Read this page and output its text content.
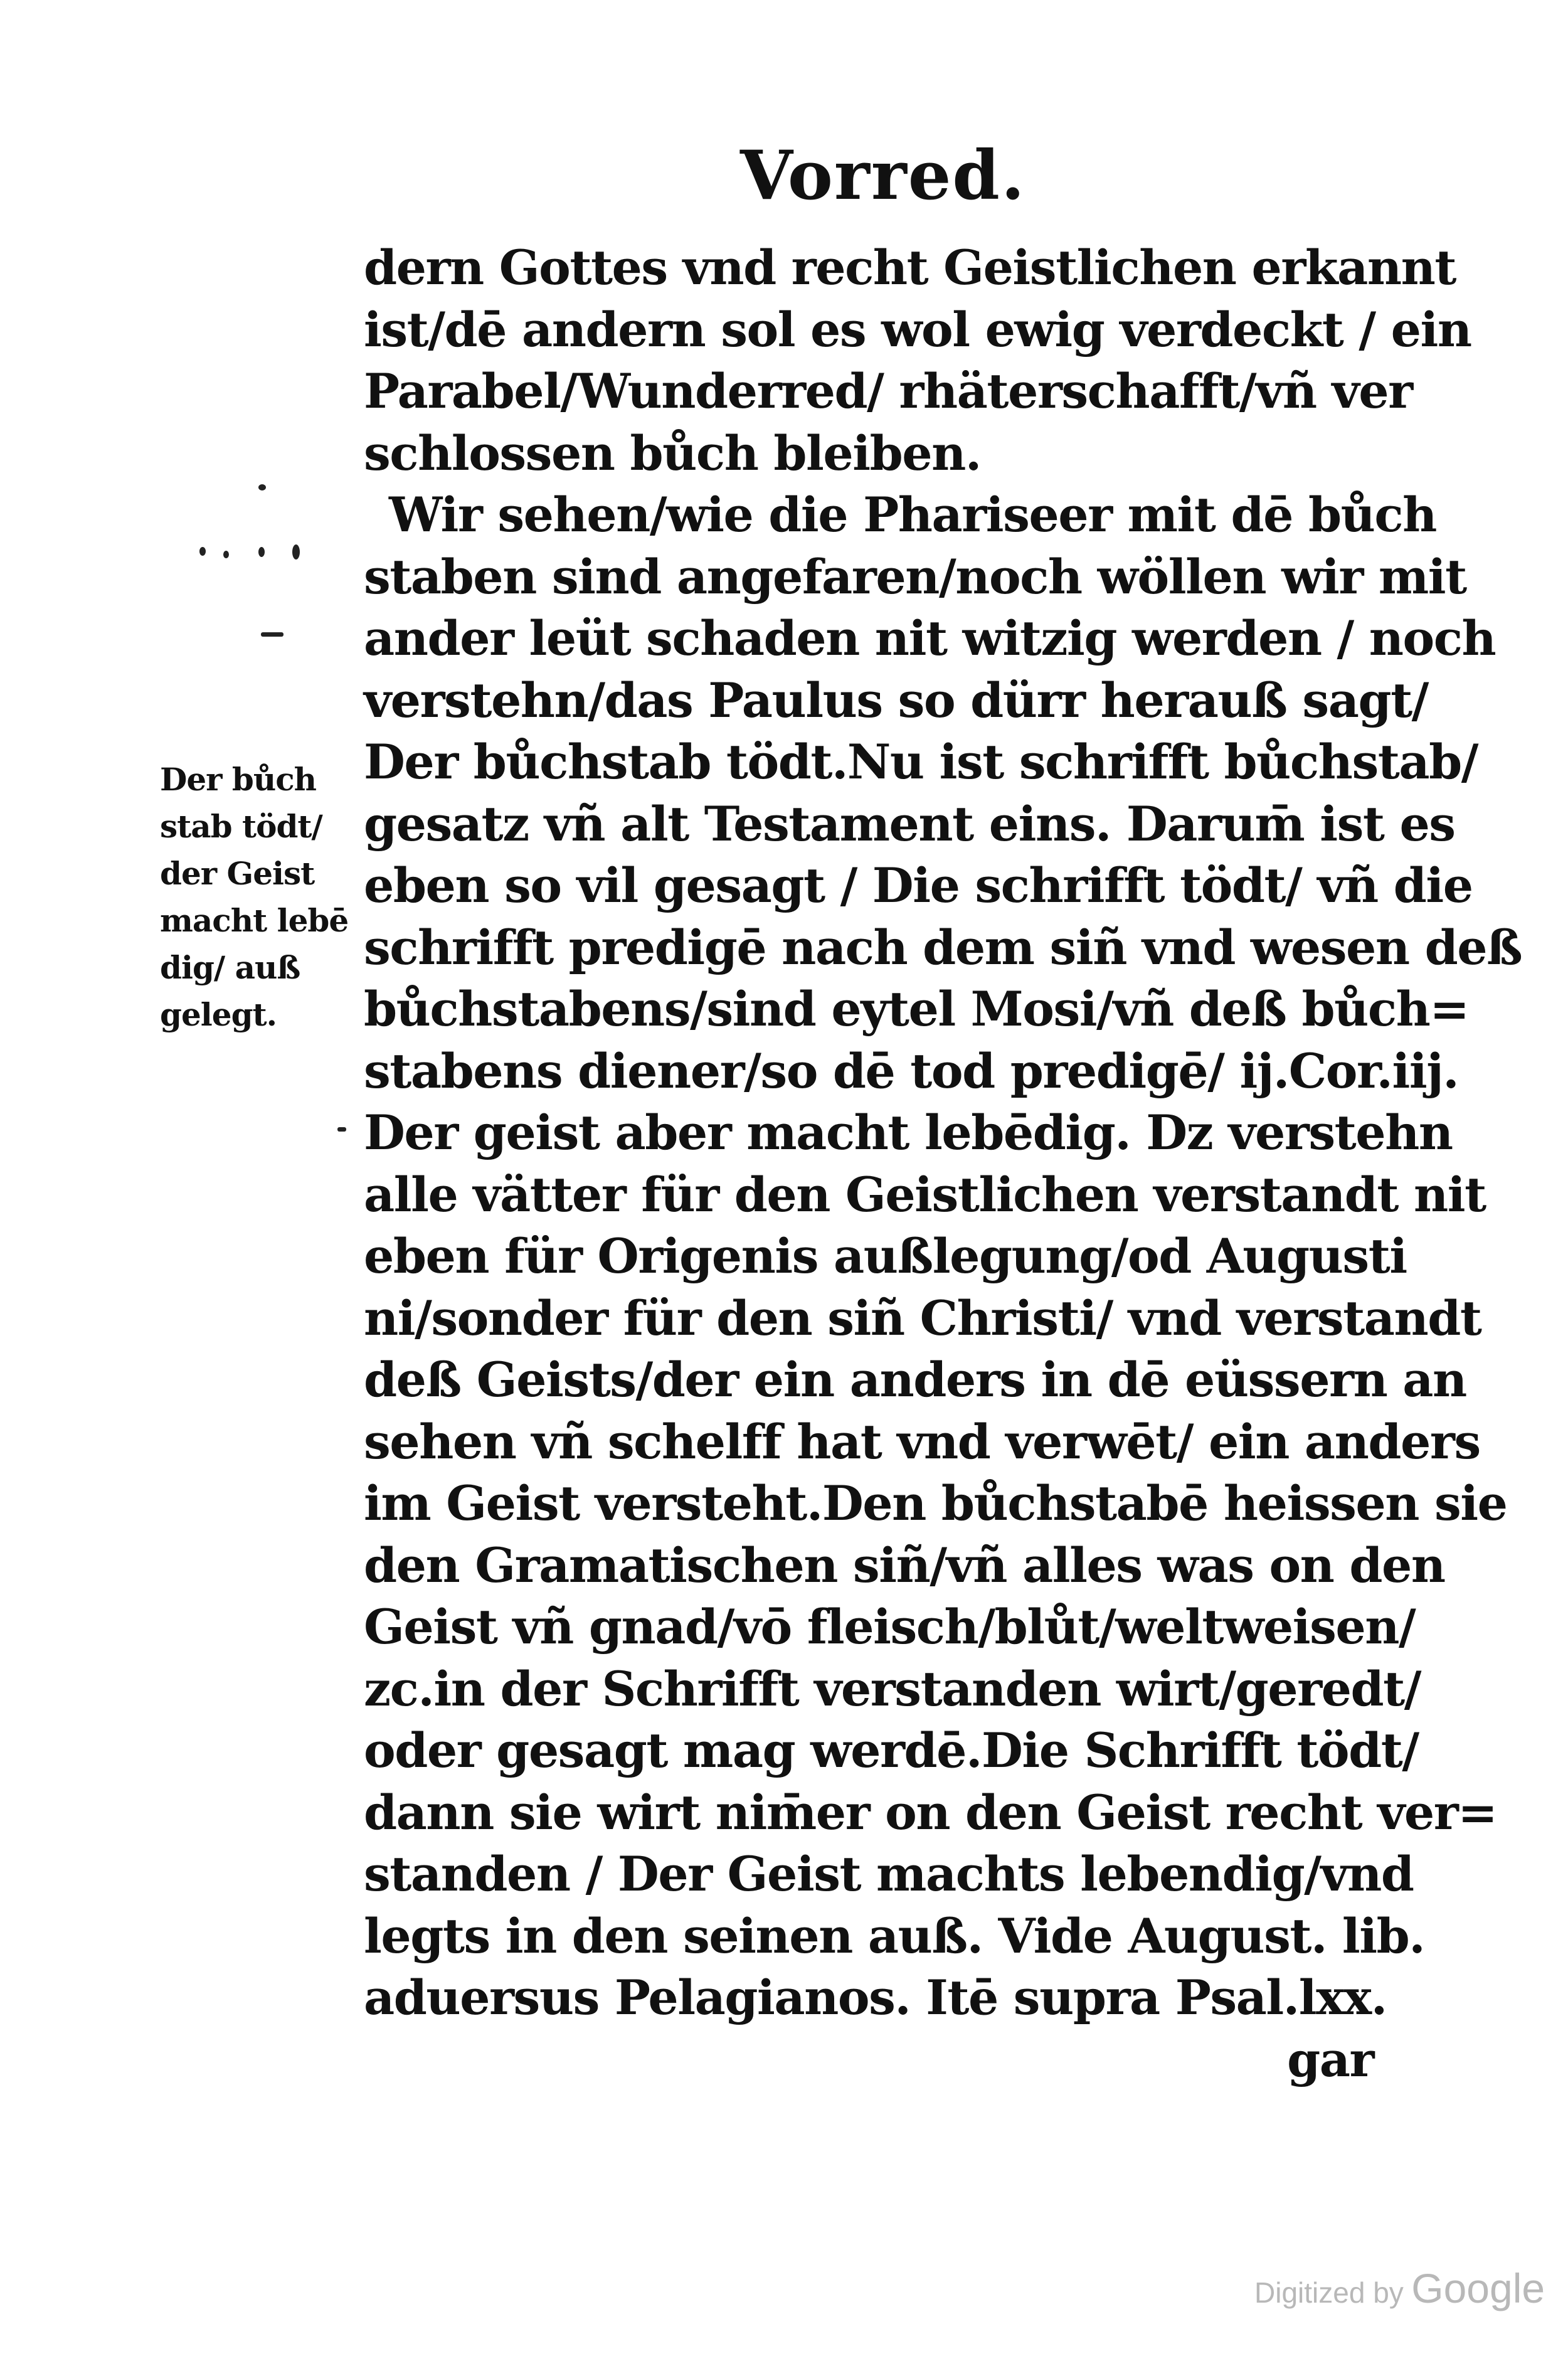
Vorred.
Der bůch
stab tödt/
der Geist
macht lebē
dig/ auß
gelegt.
dern Gottes vnd recht Geistlichen erkannt
ist/dē andern sol es wol ewig verdeckt / ein
Parabel/Wunderred/ rhäterschafft/vñ ver
schlossen bůch bleiben.
Wir sehen/wie die Phariseer mit dē bůch
staben sind angefaren/noch wöllen wir mit
ander leüt schaden nit witzig werden / noch
verstehn/das Paulus so dürr herauß sagt/
Der bůchstab tödt.Nu ist schrifft bůchstab/
gesatz vñ alt Testament eins. Darum̄ ist es
eben so vil gesagt / Die schrifft tödt/ vñ die
schrifft predigē nach dem siñ vnd wesen deß
bůchstabens/sind eytel Mosi/vñ deß bůch=
stabens diener/so dē tod predigē/ ij.Cor.iij.
Der geist aber macht lebēdig. Dz verstehn
alle vätter für den Geistlichen verstandt nit
eben für Origenis außlegung/od Augusti
ni/sonder für den siñ Christi/ vnd verstandt
deß Geists/der ein anders in dē eüssern an
sehen vñ schelff hat vnd verwēt/ ein anders
im Geist versteht.Den bůchstabē heissen sie
den Gramatischen siñ/vñ alles was on den
Geist vñ gnad/vō fleisch/blůt/weltweisen/
zc.in der Schrifft verstanden wirt/geredt/
oder gesagt mag werdē.Die Schrifft tödt/
dann sie wirt nim̄er on den Geist recht ver=
standen / Der Geist machts lebendig/vnd
legts in den seinen auß. Vide August. lib.
aduersus Pelagianos. Itē supra Psal.lxx.
gar
Digitized by Google
